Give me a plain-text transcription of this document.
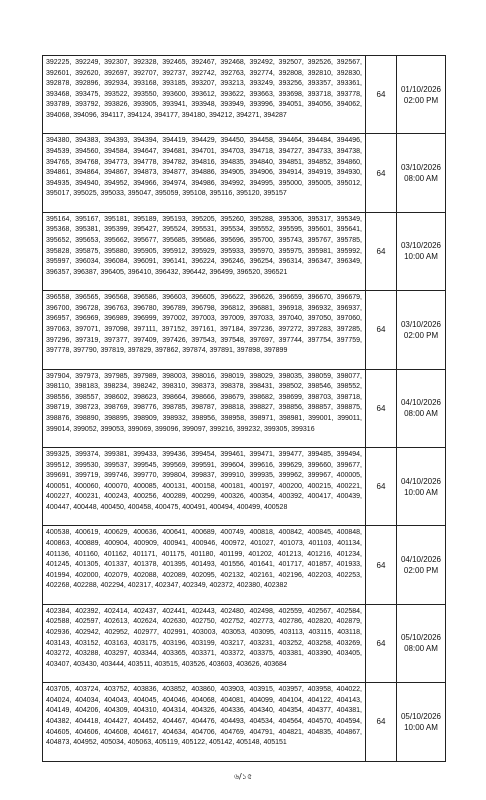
392225, 392249, 392307, 392328, 392465, 392467, 392468, 392492, 392507, 392526, 392567, 392601, 392620, 392697, 392707, 392737, 392742, 392763, 392774, 392808, 392810, 392830, 392878, 392896, 392934, 393168, 393185, 393207, 393213, 393249, 393256, 393357, 393361, 393468, 393475, 393522, 393550, 393600, 393612, 393622, 393663, 393698, 393718, 393778, 393789, 393792, 393826, 393905, 393941, 393948, 393949, 393996, 394051, 394056, 394062, 394068, 394096, 394117, 394124, 394177, 394180, 394212, 394271, 394287	64	01/10/2026
02:00 PM

394380, 394383, 394393, 394394, 394419, 394429, 394450, 394458, 394464, 394484, 394496, 394539, 394560, 394584, 394647, 394681, 394701, 394703, 394718, 394727, 394733, 394738, 394765, 394768, 394773, 394778, 394782, 394816, 394835, 394840, 394851, 394852, 394860, 394861, 394864, 394867, 394873, 394877, 394886, 394905, 394906, 394914, 394919, 394930, 394935, 394940, 394952, 394966, 394974, 394986, 394992, 394995, 395000, 395005, 395012, 395017, 395025, 395033, 395047, 395059, 395108, 395116, 395120, 395157	64	03/10/2026
08:00 AM

395164, 395167, 395181, 395189, 395193, 395205, 395260, 395288, 395306, 395317, 395349, 395368, 395381, 395399, 395427, 395524, 395531, 395534, 395552, 395595, 395601, 395641, 395652, 395653, 395662, 395677, 395685, 395686, 395696, 395700, 395743, 395767, 395785, 395828, 395875, 395880, 395905, 395912, 395929, 395933, 395970, 395975, 395981, 395992, 395997, 396034, 396084, 396091, 396141, 396224, 396246, 396254, 396314, 396347, 396349, 396357, 396387, 396405, 396410, 396432, 396442, 396499, 396520, 396521	64	03/10/2026
10:00 AM

396558, 396565, 396568, 396586, 396603, 396605, 396622, 396626, 396659, 396670, 396679, 396700, 396728, 396763, 396780, 396789, 396798, 396812, 396881, 396918, 396932, 396937, 396957, 396969, 396989, 396999, 397002, 397003, 397009, 397033, 397040, 397050, 397060, 397063, 397071, 397098, 397111, 397152, 397161, 397184, 397236, 397272, 397283, 397285, 397296, 397319, 397377, 397409, 397426, 397543, 397548, 397697, 397744, 397754, 397759, 397778, 397790, 397819, 397829, 397862, 397874, 397891, 397898, 397899	64	03/10/2026
02:00 PM

397904, 397973, 397985, 397989, 398003, 398016, 398019, 398029, 398035, 398059, 398077, 398110, 398183, 398234, 398242, 398310, 398373, 398378, 398431, 398502, 398546, 398552, 398556, 398557, 398602, 398623, 398664, 398666, 398679, 398682, 398699, 398703, 398718, 398719, 398723, 398769, 398776, 398785, 398787, 398818, 398827, 398856, 398857, 398875, 398876, 398890, 398895, 398909, 398932, 398956, 398958, 398971, 398981, 399001, 399011, 399014, 399052, 399053, 399069, 399096, 399097, 399216, 399232, 399305, 399316	64	04/10/2026
08:00 AM

399325, 399374, 399381, 399433, 399436, 399454, 399461, 399471, 399477, 399485, 399494, 399512, 399530, 399537, 399545, 399569, 399591, 399604, 399616, 399629, 399660, 399677, 399691, 399719, 399746, 399770, 399804, 399837, 399910, 399935, 399962, 399967, 400005, 400051, 400060, 400070, 400085, 400131, 400158, 400181, 400197, 400200, 400215, 400221, 400227, 400231, 400243, 400256, 400289, 400299, 400326, 400354, 400392, 400417, 400439, 400447, 400448, 400450, 400458, 400475, 400491, 400494, 400499, 400528	64	04/10/2026
10:00 AM

400538, 400619, 400629, 400636, 400641, 400689, 400749, 400818, 400842, 400845, 400848, 400863, 400889, 400904, 400909, 400941, 400946, 400972, 401027, 401073, 401103, 401134, 401136, 401160, 401162, 401171, 401175, 401180, 401199, 401202, 401213, 401216, 401234, 401245, 401305, 401337, 401378, 401395, 401493, 401556, 401641, 401717, 401857, 401933, 401994, 402000, 402079, 402088, 402089, 402095, 402132, 402161, 402196, 402203, 402253, 402268, 402288, 402294, 402317, 402347, 402349, 402372, 402380, 402382	64	04/10/2026
02:00 PM

402384, 402392, 402414, 402437, 402441, 402443, 402480, 402498, 402559, 402567, 402584, 402588, 402597, 402613, 402624, 402630, 402750, 402752, 402773, 402786, 402820, 402879, 402936, 402942, 402952, 402977, 402991, 403003, 403053, 403095, 403113, 403115, 403118, 403143, 403152, 403163, 403175, 403196, 403199, 403217, 403231, 403252, 403258, 403269, 403272, 403288, 403297, 403344, 403365, 403371, 403372, 403375, 403381, 403390, 403405, 403407, 403430, 403444, 403511, 403515, 403526, 403603, 403626, 403684	64	05/10/2026
08:00 AM

403705, 403724, 403752, 403836, 403852, 403860, 403903, 403915, 403957, 403958, 404022, 404024, 404034, 404043, 404045, 404046, 404068, 404081, 404099, 404104, 404122, 404143, 404149, 404206, 404309, 404310, 404314, 404326, 404336, 404340, 404354, 404377, 404381, 404382, 404418, 404427, 404452, 404467, 404476, 404493, 404534, 404564, 404570, 404594, 404605, 404606, 404608, 404617, 404634, 404706, 404769, 404791, 404821, 404835, 404867, 404873, 404952, 405034, 405063, 405119, 405122, 405142, 405148, 405151	64	05/10/2026
10:00 AM
৬/১৫
